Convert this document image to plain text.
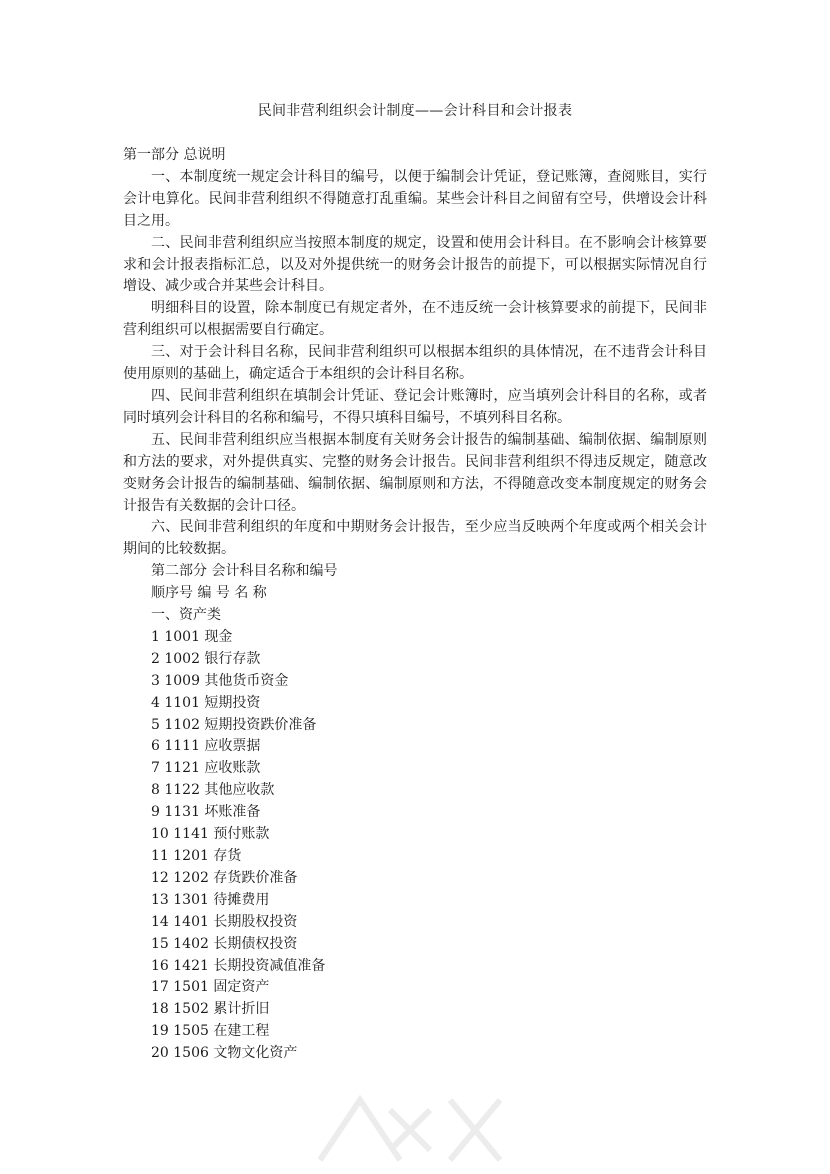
民间非营利组织会计制度——会计科目和会计报表

第一部分 总说明

一、本制度统一规定会计科目的编号，以便于编制会计凭证，登记账簿，查阅账目，实行会计电算化。民间非营利组织不得随意打乱重编。某些会计科目之间留有空号，供增设会计科目之用。

二、民间非营利组织应当按照本制度的规定，设置和使用会计科目。在不影响会计核算要求和会计报表指标汇总，以及对外提供统一的财务会计报告的前提下，可以根据实际情况自行增设、减少或合并某些会计科目。

明细科目的设置，除本制度已有规定者外，在不违反统一会计核算要求的前提下，民间非营利组织可以根据需要自行确定。

三、对于会计科目名称，民间非营利组织可以根据本组织的具体情况，在不违背会计科目使用原则的基础上，确定适合于本组织的会计科目名称。

四、民间非营利组织在填制会计凭证、登记会计账簿时，应当填列会计科目的名称，或者同时填列会计科目的名称和编号，不得只填科目编号，不填列科目名称。

五、民间非营利组织应当根据本制度有关财务会计报告的编制基础、编制依据、编制原则和方法的要求，对外提供真实、完整的财务会计报告。民间非营利组织不得违反规定，随意改变财务会计报告的编制基础、编制依据、编制原则和方法，不得随意改变本制度规定的财务会计报告有关数据的会计口径。

六、民间非营利组织的年度和中期财务会计报告，至少应当反映两个年度或两个相关会计期间的比较数据。

第二部分 会计科目名称和编号

顺序号 编 号 名 称

一、资产类

1 1001 现金

2 1002 银行存款

3 1009 其他货币资金

4 1101 短期投资

5 1102 短期投资跌价准备

6 1111 应收票据

7 1121 应收账款

8 1122 其他应收款

9 1131 坏账准备

10 1141 预付账款

11 1201 存货

12 1202 存货跌价准备

13 1301 待摊费用

14 1401 长期股权投资

15 1402 长期债权投资

16 1421 长期投资减值准备

17 1501 固定资产

18 1502 累计折旧

19 1505 在建工程

20 1506 文物文化资产
